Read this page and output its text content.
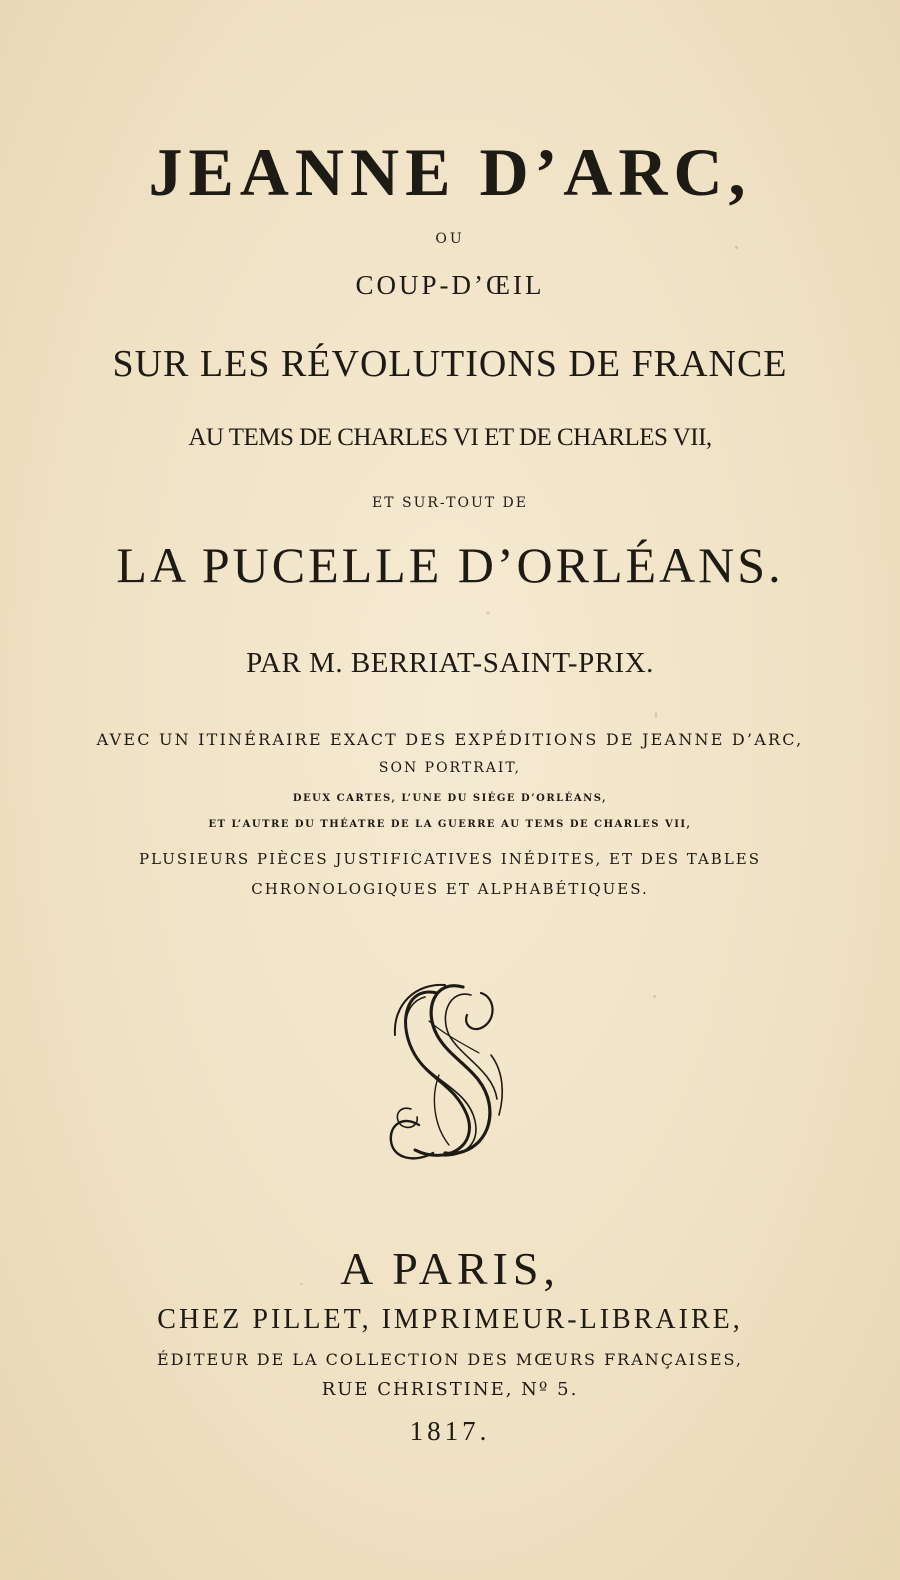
JEANNE D’ARC,

OU

COUP-D’ŒIL

SUR LES RÉVOLUTIONS DE FRANCE

AU TEMS DE CHARLES VI ET DE CHARLES VII,

ET SUR-TOUT DE

LA PUCELLE D’ORLÉANS.

PAR M. BERRIAT-SAINT-PRIX.

AVEC UN ITINÉRAIRE EXACT DES EXPÉDITIONS DE JEANNE D’ARC,

SON PORTRAIT,

DEUX CARTES, L’UNE DU SIÉGE D’ORLÉANS,

ET L’AUTRE DU THÉATRE DE LA GUERRE AU TEMS DE CHARLES VII,

PLUSIEURS PIÈCES JUSTIFICATIVES INÉDITES, ET DES TABLES

CHRONOLOGIQUES ET ALPHABÉTIQUES.

A PARIS,

CHEZ PILLET, IMPRIMEUR-LIBRAIRE,

ÉDITEUR DE LA COLLECTION DES MŒURS FRANÇAISES,

RUE CHRISTINE, Nº 5.

1817.
